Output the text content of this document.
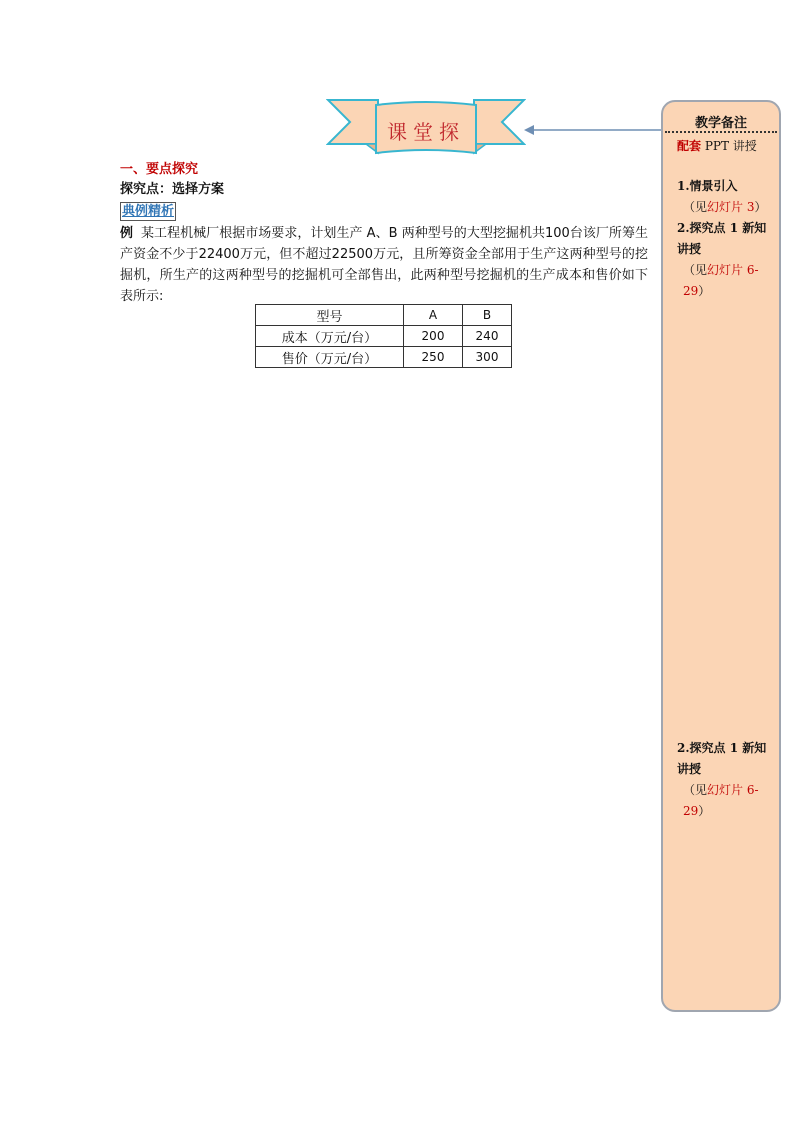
课堂探	教学备注
配套 PPT 讲授
1.情景引入
（见幻灯片 3）
2.探究点 1 新知讲授
（见幻灯片 6-29）
2.探究点 1 新知讲授
（见幻灯片 6-29）
一、要点探究
探究点：选择方案
典例精析
例 某工程机械厂根据市场要求，计划生产 A、B 两种型号的大型挖掘机共100台该厂所筹生产资金不少于22400万元，但不超过22500万元，且所筹资金全部用于生产这两种型号的挖掘机，所生产的这两种型号的挖掘机可全部售出，此两种型号挖掘机的生产成本和售价如下表所示:
型号	A	B
成本（万元/台）	200	240
售价（万元/台）	250	300
